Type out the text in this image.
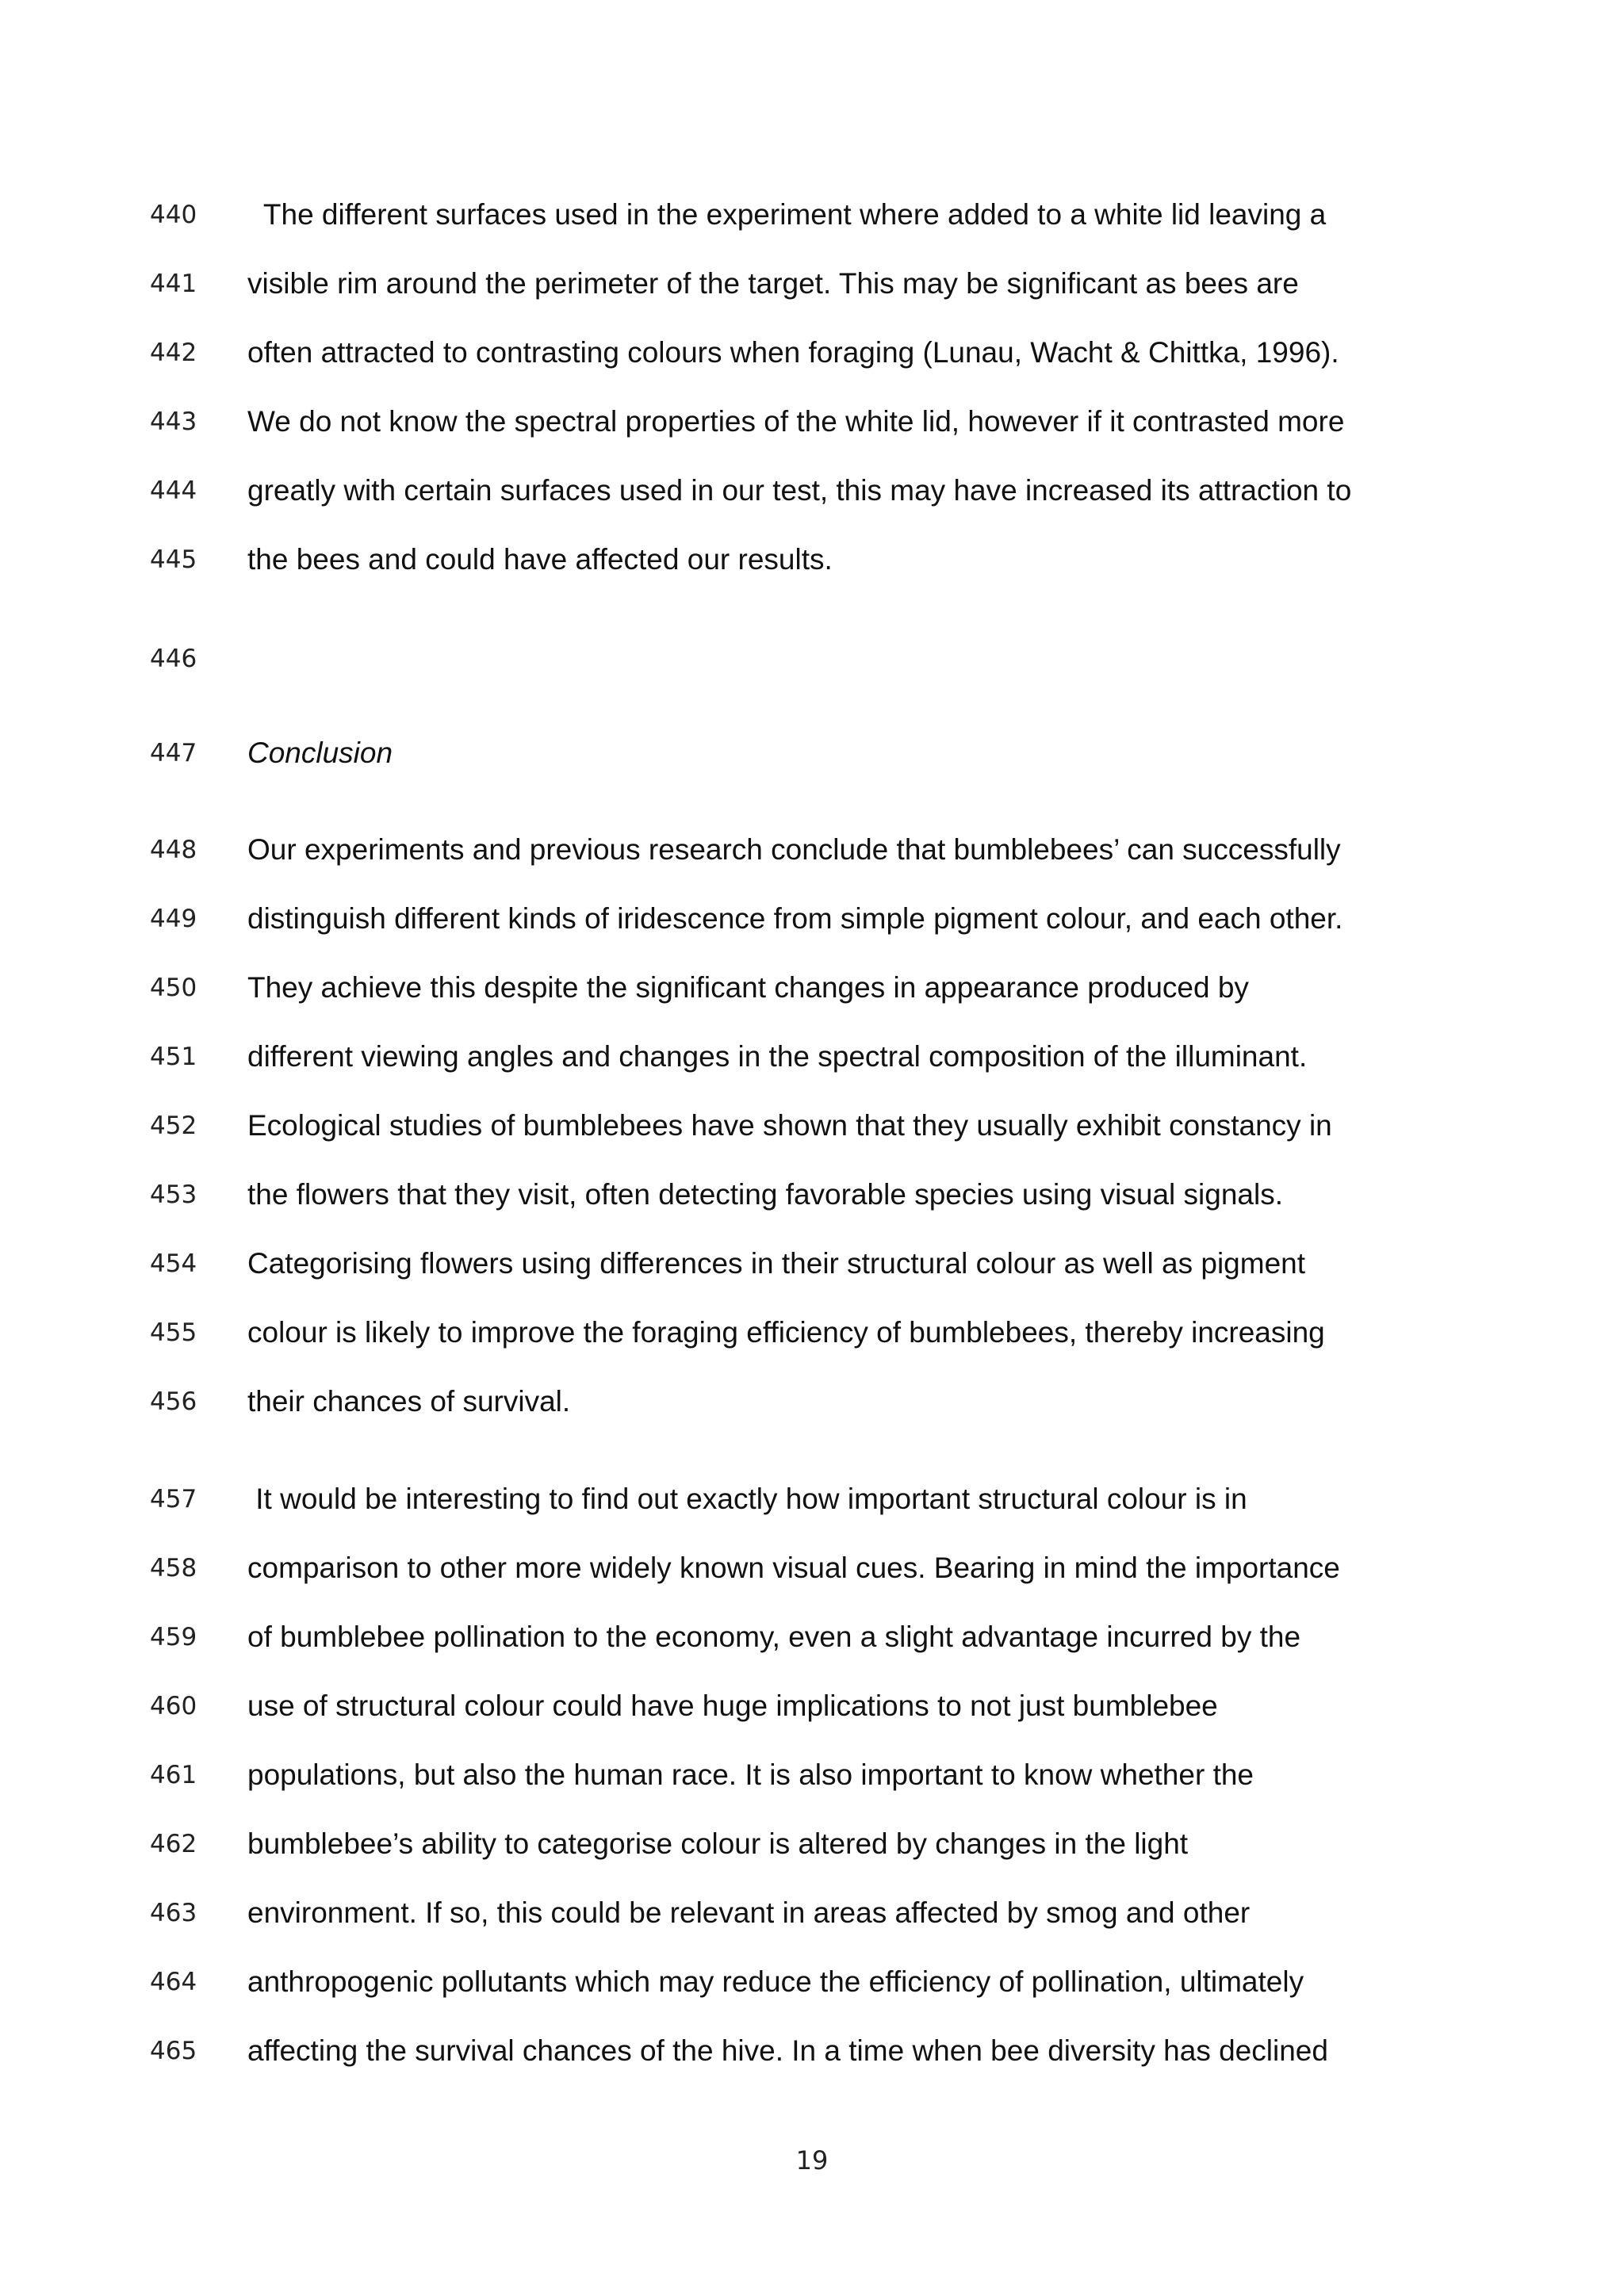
440 The different surfaces used in the experiment where added to a white lid leaving a
441 visible rim around the perimeter of the target. This may be significant as bees are
442 often attracted to contrasting colours when foraging (Lunau, Wacht & Chittka, 1996).
443 We do not know the spectral properties of the white lid, however if it contrasted more
444 greatly with certain surfaces used in our test, this may have increased its attraction to
445 the bees and could have affected our results.
446
447 Conclusion
448 Our experiments and previous research conclude that bumblebees’ can successfully
449 distinguish different kinds of iridescence from simple pigment colour, and each other.
450 They achieve this despite the significant changes in appearance produced by
451 different viewing angles and changes in the spectral composition of the illuminant.
452 Ecological studies of bumblebees have shown that they usually exhibit constancy in
453 the flowers that they visit, often detecting favorable species using visual signals.
454 Categorising flowers using differences in their structural colour as well as pigment
455 colour is likely to improve the foraging efficiency of bumblebees, thereby increasing
456 their chances of survival.
457 It would be interesting to find out exactly how important structural colour is in
458 comparison to other more widely known visual cues. Bearing in mind the importance
459 of bumblebee pollination to the economy, even a slight advantage incurred by the
460 use of structural colour could have huge implications to not just bumblebee
461 populations, but also the human race. It is also important to know whether the
462 bumblebee’s ability to categorise colour is altered by changes in the light
463 environment. If so, this could be relevant in areas affected by smog and other
464 anthropogenic pollutants which may reduce the efficiency of pollination, ultimately
465 affecting the survival chances of the hive. In a time when bee diversity has declined
19
